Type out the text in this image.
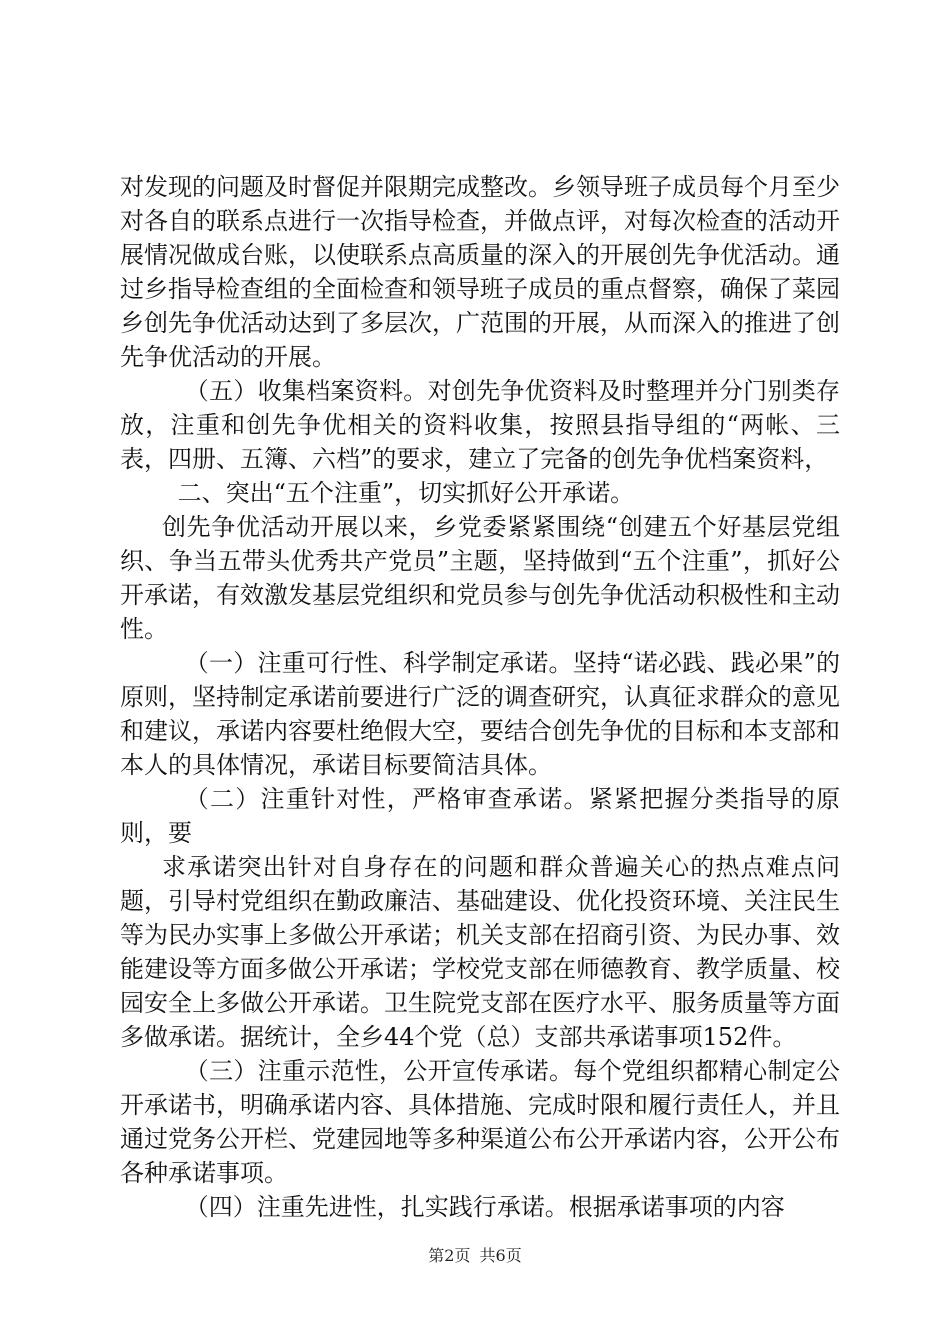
对发现的问题及时督促并限期完成整改。乡领导班子成员每个月至少对各自的联系点进行一次指导检查，并做点评，对每次检查的活动开展情况做成台账，以使联系点高质量的深入的开展创先争优活动。通过乡指导检查组的全面检查和领导班子成员的重点督察，确保了菜园乡创先争优活动达到了多层次，广范围的开展，从而深入的推进了创先争优活动的开展。

（五）收集档案资料。对创先争优资料及时整理并分门别类存放，注重和创先争优相关的资料收集，按照县指导组的“两帐、三表，四册、五簿、六档”的要求，建立了完备的创先争优档案资料，

二、突出“五个注重”，切实抓好公开承诺。

创先争优活动开展以来，乡党委紧紧围绕“创建五个好基层党组织、争当五带头优秀共产党员”主题，坚持做到“五个注重”，抓好公开承诺，有效激发基层党组织和党员参与创先争优活动积极性和主动性。

（一）注重可行性、科学制定承诺。坚持“诺必践、践必果”的原则，坚持制定承诺前要进行广泛的调查研究，认真征求群众的意见和建议，承诺内容要杜绝假大空，要结合创先争优的目标和本支部和本人的具体情况，承诺目标要简洁具体。

（二）注重针对性，严格审查承诺。紧紧把握分类指导的原则，要

求承诺突出针对自身存在的问题和群众普遍关心的热点难点问题，引导村党组织在勤政廉洁、基础建设、优化投资环境、关注民生等为民办实事上多做公开承诺；机关支部在招商引资、为民办事、效能建设等方面多做公开承诺；学校党支部在师德教育、教学质量、校园安全上多做公开承诺。卫生院党支部在医疗水平、服务质量等方面多做承诺。据统计，全乡44个党（总）支部共承诺事项152件。

（三）注重示范性，公开宣传承诺。每个党组织都精心制定公开承诺书，明确承诺内容、具体措施、完成时限和履行责任人，并且通过党务公开栏、党建园地等多种渠道公布公开承诺内容，公开公布各种承诺事项。

（四）注重先进性，扎实践行承诺。根据承诺事项的内容

第2页 共6页
